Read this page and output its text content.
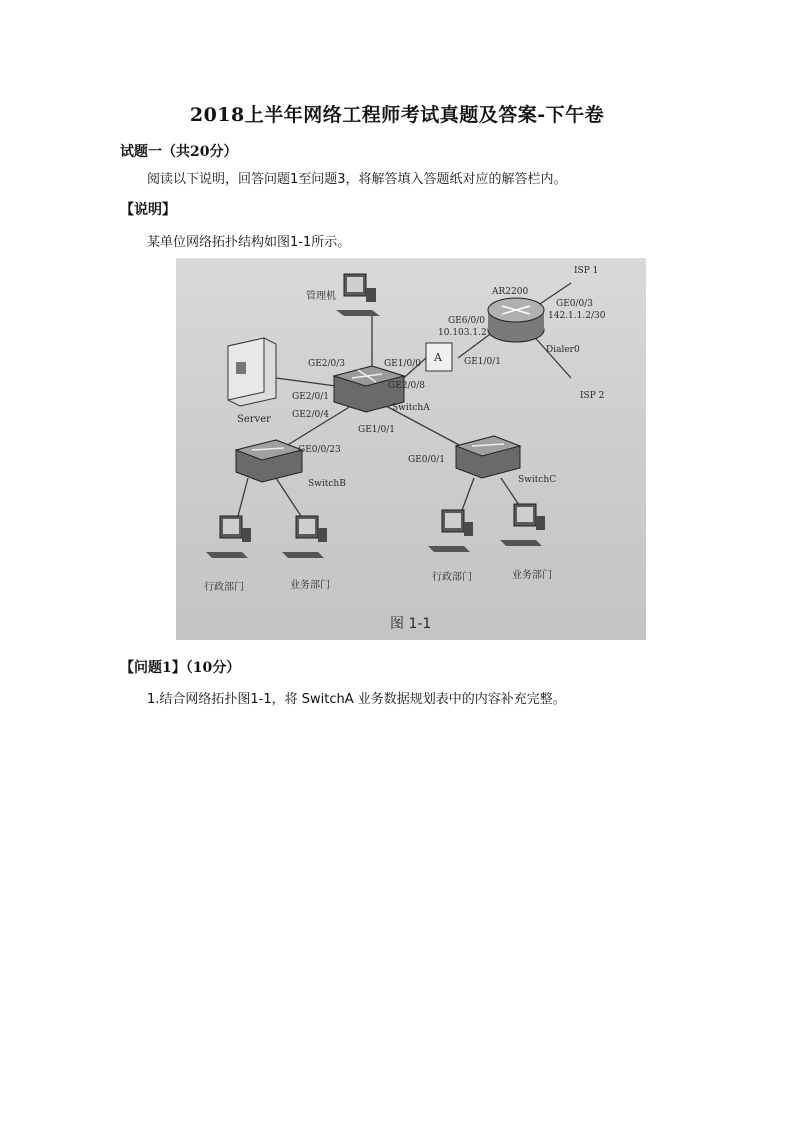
2018上半年网络工程师考试真题及答案-下午卷
试题一（共20分）
阅读以下说明，回答问题1至问题3，将解答填入答题纸对应的解答栏内。
【说明】
某单位网络拓扑结构如图1-1所示。
管理机
Server
SwitchA
A
AR2200
ISP 1
ISP 2
SwitchB	SwitchC
行政部门	业务部门
行政部门	业务部门
GE2/0/3
GE2/0/1
GE2/0/4
GE1/0/0
GE2/0/8
GE1/0/1
GE0/0/23
GE0/0/1
GE6/0/0
10.103.1.2
GE1/0/1
GE0/0/3
142.1.1.2/30
Dialer0
图 1-1
【问题1】（10分）
1.结合网络拓扑图1-1，将 SwitchA 业务数据规划表中的内容补充完整。
